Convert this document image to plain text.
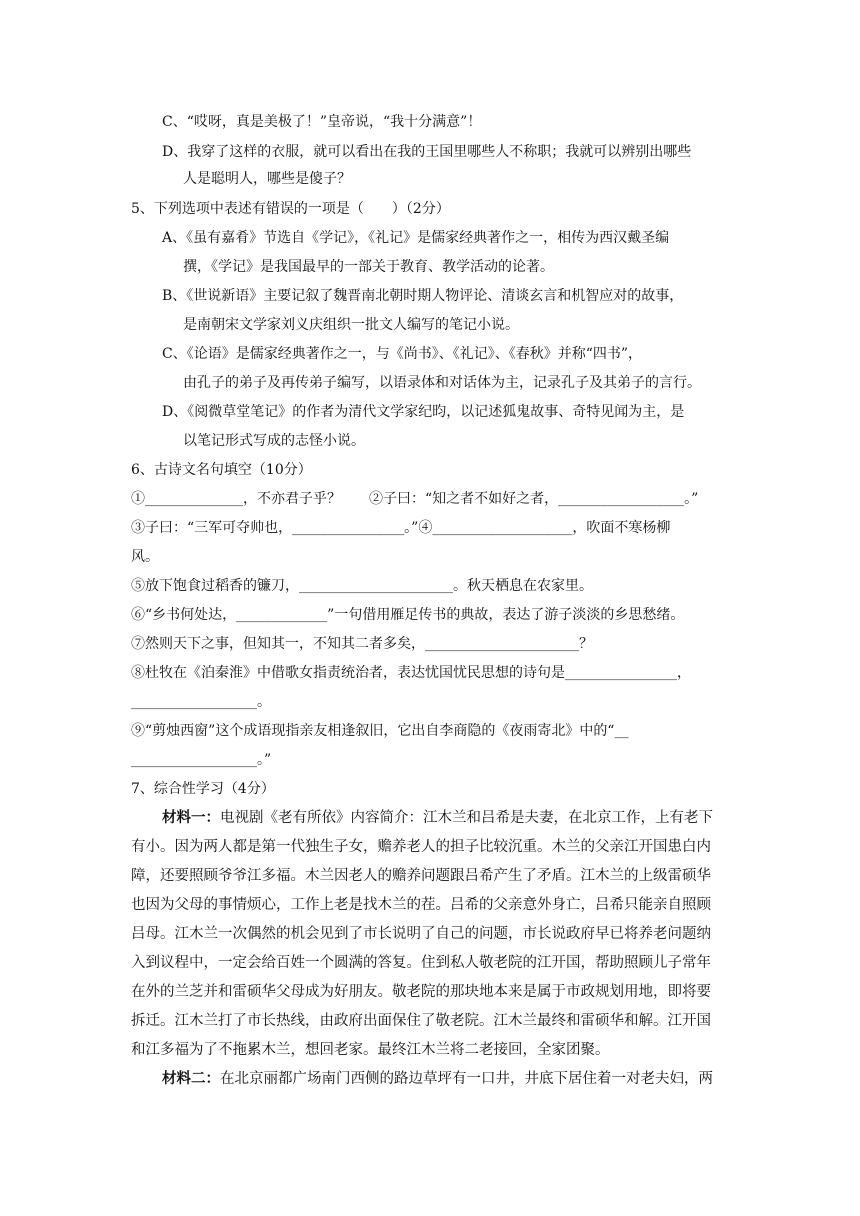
C、“哎呀，真是美极了！”皇帝说，“我十分满意”！

D、我穿了这样的衣服，就可以看出在我的王国里哪些人不称职；我就可以辨别出哪些

人是聪明人，哪些是傻子？

5、下列选项中表述有错误的一项是（　　）（2分）

A、《虽有嘉肴》节选自《学记》，《礼记》是儒家经典著作之一，相传为西汉戴圣编

撰，《学记》是我国最早的一部关于教育、教学活动的论著。

B、《世说新语》主要记叙了魏晋南北朝时期人物评论、清谈玄言和机智应对的故事，

是南朝宋文学家刘义庆组织一批文人编写的笔记小说。

C、《论语》是儒家经典著作之一，与《尚书》、《礼记》、《春秋》并称“四书”，

由孔子的弟子及再传弟子编写，以语录体和对话体为主，记录孔子及其弟子的言行。

D、《阅微草堂笔记》的作者为清代文学家纪昀，以记述狐鬼故事、奇特见闻为主，是

以笔记形式写成的志怪小说。

6、古诗文名句填空（10分）

①______________，不亦君子乎？　　②子曰：“知之者不如好之者，__________________。”

③子曰：“三军可夺帅也，________________。”④____________________，吹面不寒杨柳

风。

⑤放下饱食过稻香的镰刀，______________________。秋天栖息在农家里。

⑥“乡书何处达，_____________”一句借用雁足传书的典故，表达了游子淡淡的乡思愁绪。

⑦然则天下之事，但知其一，不知其二者多矣，______________________？

⑧杜牧在《泊秦淮》中借歌女指责统治者，表达忧国忧民思想的诗句是________________，

__________________。

⑨“剪烛西窗”这个成语现指亲友相逢叙旧，它出自李商隐的《夜雨寄北》中的“__

__________________。”

7、综合性学习（4分）

材料一：电视剧《老有所依》内容简介：江木兰和吕希是夫妻，在北京工作，上有老下

有小。因为两人都是第一代独生子女，赡养老人的担子比较沉重。木兰的父亲江开国患白内

障，还要照顾爷爷江多福。木兰因老人的赡养问题跟吕希产生了矛盾。江木兰的上级雷硕华

也因为父母的事情烦心，工作上老是找木兰的茬。吕希的父亲意外身亡，吕希只能亲自照顾

吕母。江木兰一次偶然的机会见到了市长说明了自己的问题，市长说政府早已将养老问题纳

入到议程中，一定会给百姓一个圆满的答复。住到私人敬老院的江开国，帮助照顾儿子常年

在外的兰芝并和雷硕华父母成为好朋友。敬老院的那块地本来是属于市政规划用地，即将要

拆迁。江木兰打了市长热线，由政府出面保住了敬老院。江木兰最终和雷硕华和解。江开国

和江多福为了不拖累木兰，想回老家。最终江木兰将二老接回，全家团聚。

材料二：在北京丽都广场南门西侧的路边草坪有一口井，井底下居住着一对老夫妇，两
